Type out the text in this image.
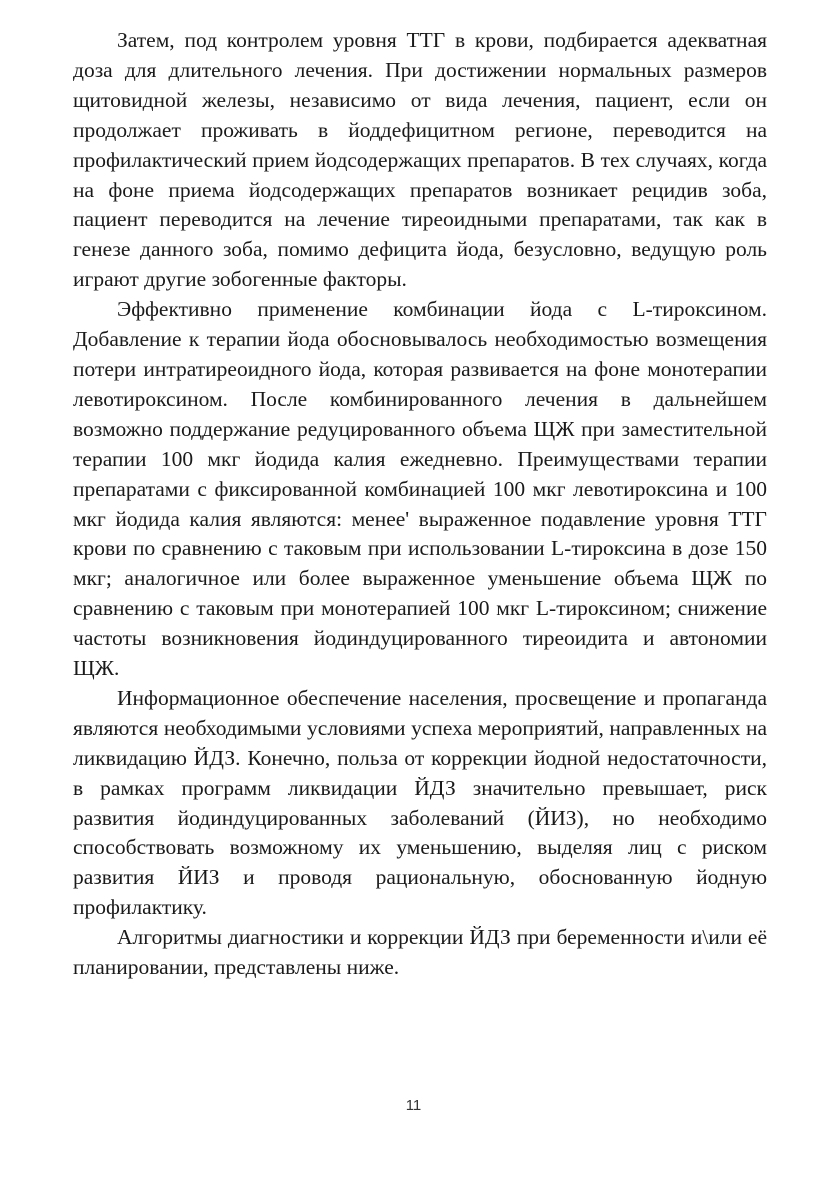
Затем, под контролем уровня ТТГ в крови, подбирается адекватная доза для длительного лечения. При достижении нормальных размеров щитовидной железы, независимо от вида лечения, пациент, если он продолжает проживать в йоддефицитном регионе, переводится на профилактический прием йодсодержащих препаратов. В тех случаях, когда на фоне приема йодсодержащих препаратов возникает рецидив зоба, пациент переводится на лечение тиреоидными препаратами, так как в генезе данного зоба, помимо дефицита йода, безусловно, ведущую роль играют другие зобогенные факторы.

Эффективно применение комбинации йода с L-тироксином. Добавление к терапии йода обосновывалось необходимостью возмещения потери интратиреоидного йода, которая развивается на фоне монотерапии левотироксином. После комбинированного лечения в дальнейшем возможно поддержание редуцированного объема ЩЖ при заместительной терапии 100 мкг йодида калия ежедневно. Преимуществами терапии препаратами с фиксированной комбинацией 100 мкг левотироксина и 100 мкг йодида калия являются: менее' выраженное подавление уровня ТТГ крови по сравнению с таковым при использовании L-тироксина в дозе 150 мкг; аналогичное или более выраженное уменьшение объема ЩЖ по сравнению с таковым при монотерапией 100 мкг L-тироксином; снижение частоты возникновения йодиндуцированного тиреоидита и автономии ЩЖ.

Информационное обеспечение населения, просвещение и пропаганда являются необходимыми условиями успеха мероприятий, направленных на ликвидацию ЙДЗ. Конечно, польза от коррекции йодной недостаточности, в рамках программ ликвидации ЙДЗ значительно превышает, риск развития йодиндуцированных заболеваний (ЙИЗ), но необходимо способствовать возможному их уменьшению, выделяя лиц с риском развития ЙИЗ и проводя рациональную, обоснованную йодную профилактику.

Алгоритмы диагностики и коррекции ЙДЗ при беременности и\или её планировании, представлены ниже.

11
